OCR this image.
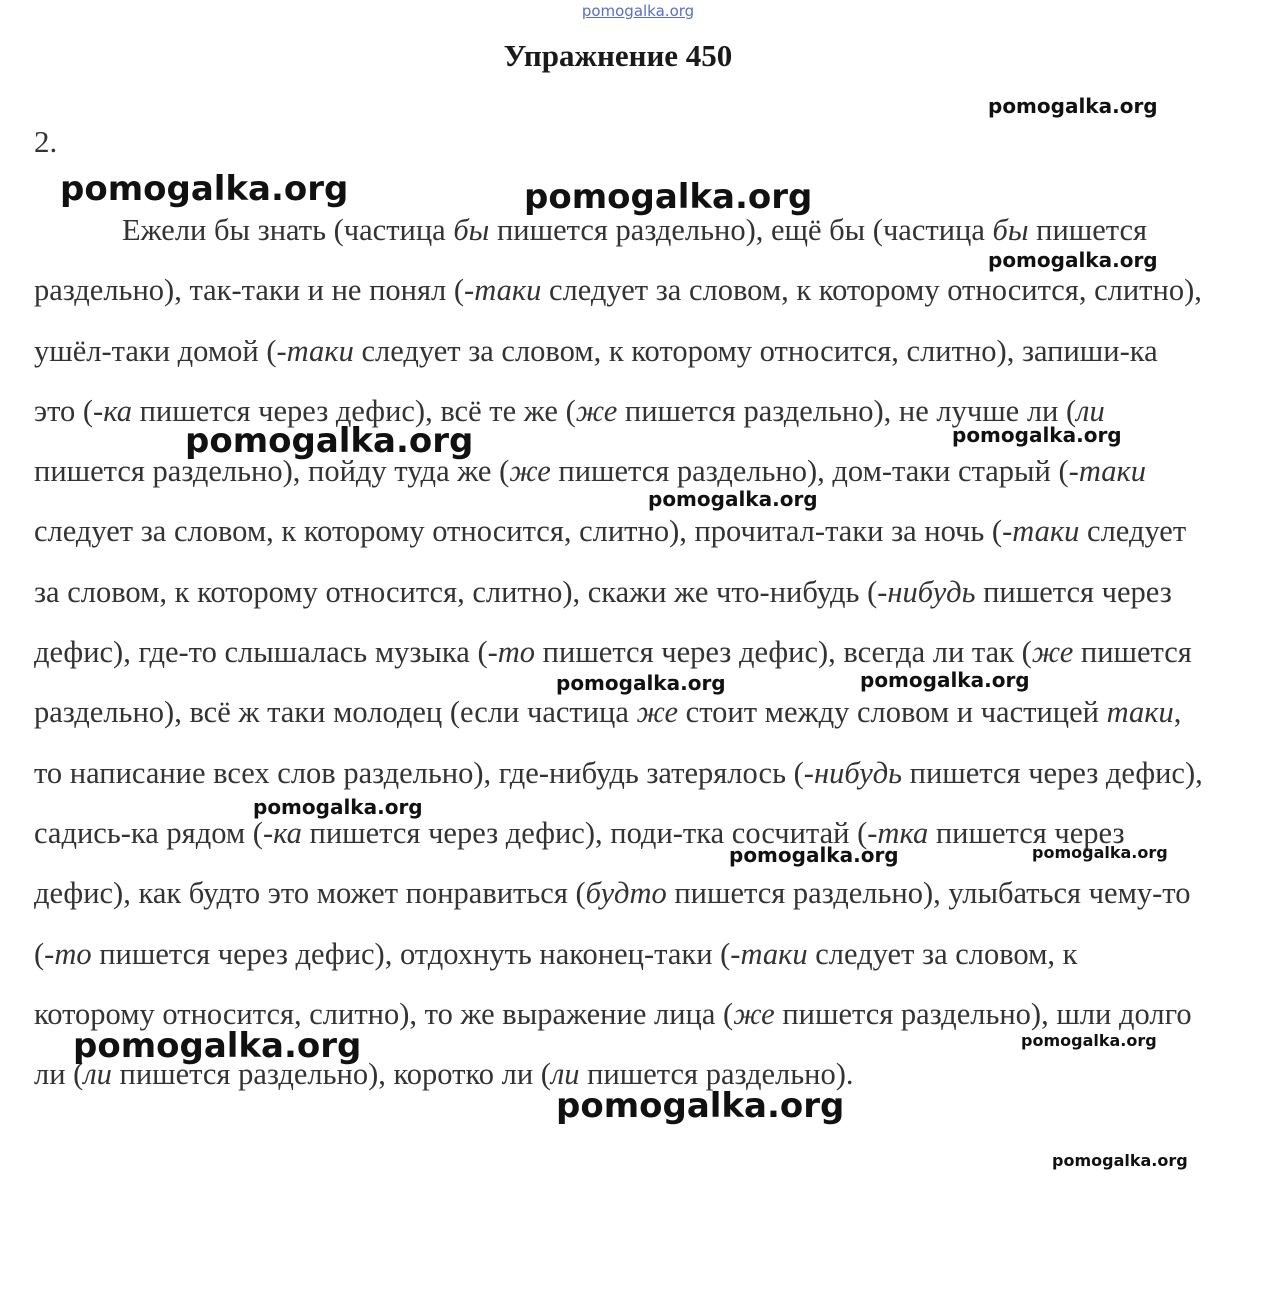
pomogalka.org
Упражнение 450
2.

Ежели бы знать (частица бы пишется раздельно), ещё бы (частица бы пишется раздельно), так-таки и не понял (-таки следует за словом, к которому относится, слитно), ушёл-таки домой (-таки следует за словом, к которому относится, слитно), запиши-ка это (-ка пишется через дефис), всё те же (же пишется раздельно), не лучше ли (ли пишется раздельно), пойду туда же (же пишется раздельно), дом-таки старый (-таки следует за словом, к которому относится, слитно), прочитал-таки за ночь (-таки следует за словом, к которому относится, слитно), скажи же что-нибудь (-нибудь пишется через дефис), где-то слышалась музыка (-то пишется через дефис), всегда ли так (же пишется раздельно), всё ж таки молодец (если частица же стоит между словом и частицей таки, то написание всех слов раздельно), где-нибудь затерялось (-нибудь пишется через дефис), садись-ка рядом (-ка пишется через дефис), поди-тка сосчитай (-тка пишется через дефис), как будто это может понравиться (будто пишется раздельно), улыбаться чему-то (-то пишется через дефис), отдохнуть наконец-таки (-таки следует за словом, к которому относится, слитно), то же выражение лица (же пишется раздельно), шли долго ли (ли пишется раздельно), коротко ли (ли пишется раздельно).

pomogalka.org
pomogalka.org	pomogalka.org
pomogalka.org
pomogalka.org	pomogalka.org
pomogalka.org
pomogalka.org	pomogalka.org
pomogalka.org
pomogalka.org	pomogalka.org
pomogalka.org	pomogalka.org
pomogalka.org
pomogalka.org
